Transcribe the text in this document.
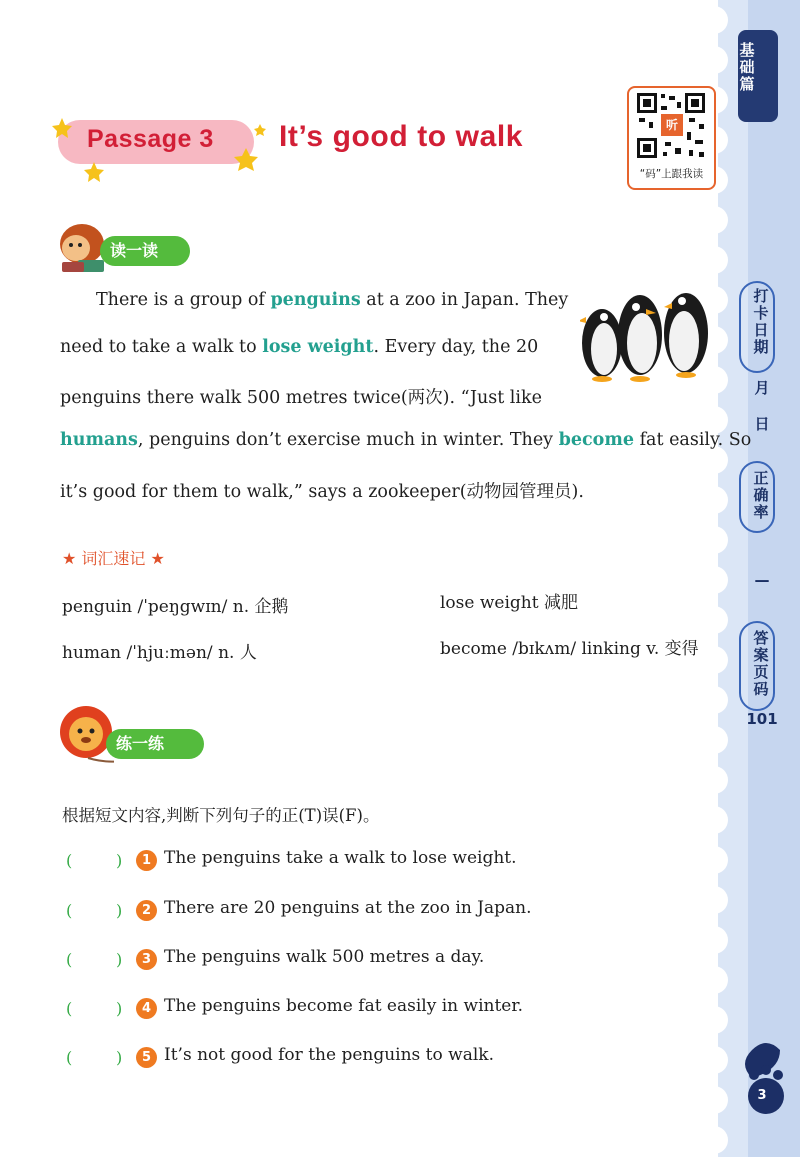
基础篇
打卡日期
月
日
正确率
—
答案页码
101
3
Passage 3 It’s good to walk	听
“码”上跟我读
读一读
There is a group of penguins at a zoo in Japan. They
need to take a walk to lose weight. Every day, the 20
penguins there walk 500 metres twice(两次). “Just like
humans, penguins don’t exercise much in winter. They become fat easily. So
it’s good for them to walk,” says a zookeeper(动物园管理员).
★ 词汇速记 ★
penguin /ˈpeŋgwɪn/ n. 企鹅	lose weight 减肥
human /ˈhjuːmən/ n. 人	become /bɪkʌm/ linking v. 变得
练一练
根据短文内容,判断下列句子的正(T)误(F)。
(	)	1 The penguins take a walk to lose weight.
(	)	2 There are 20 penguins at the zoo in Japan.
(	)	3 The penguins walk 500 metres a day.
(	)	4 The penguins become fat easily in winter.
(	)	5 It’s not good for the penguins to walk.
